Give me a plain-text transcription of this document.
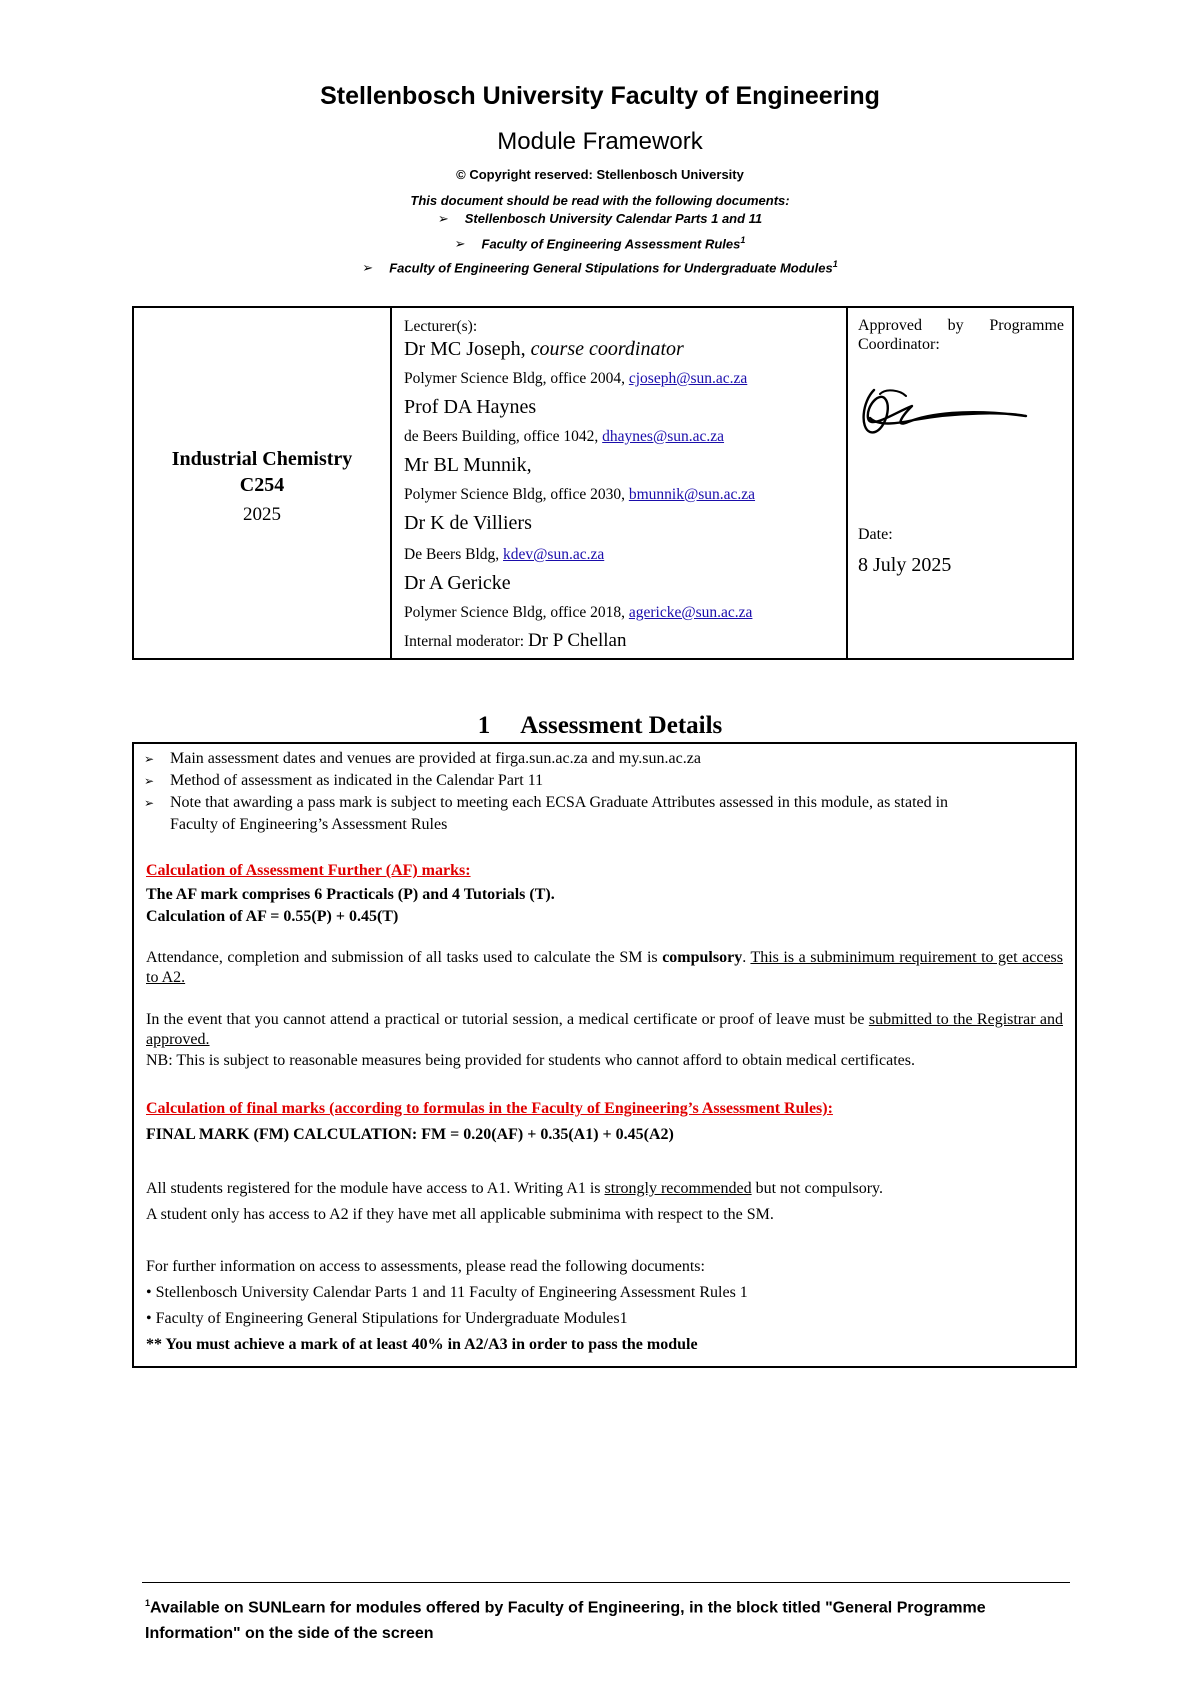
Stellenbosch University Faculty of Engineering
Module Framework
© Copyright reserved: Stellenbosch University
This document should be read with the following documents:
➢ Stellenbosch University Calendar Parts 1 and 11
➢ Faculty of Engineering Assessment Rules$^1$
➢ Faculty of Engineering General Stipulations for Undergraduate Modules$^1$
Industrial Chemistry
C254
2025
Lecturer(s):
Dr MC Joseph, course coordinator
Polymer Science Bldg, office 2004, cjoseph@sun.ac.za
Prof DA Haynes
de Beers Building, office 1042, dhaynes@sun.ac.za
Mr BL Munnik,
Polymer Science Bldg, office 2030, bmunnik@sun.ac.za
Dr K de Villiers
De Beers Bldg, kdev@sun.ac.za
Dr A Gericke
Polymer Science Bldg, office 2018, agericke@sun.ac.za
Internal moderator: Dr P Chellan
Approved by Programme Coordinator:
Date:
8 July 2025
1 Assessment Details
➢ Main assessment dates and venues are provided at firga.sun.ac.za and my.sun.ac.za
➢ Method of assessment as indicated in the Calendar Part 11
➢ Note that awarding a pass mark is subject to meeting each ECSA Graduate Attributes assessed in this module, as stated in
Faculty of Engineering’s Assessment Rules
Calculation of Assessment Further (AF) marks:
The AF mark comprises 6 Practicals (P) and 4 Tutorials (T).
Calculation of AF = 0.55(P) + 0.45(T)
Attendance, completion and submission of all tasks used to calculate the SM is compulsory. This is a subminimum requirement to get access to A2.
In the event that you cannot attend a practical or tutorial session, a medical certificate or proof of leave must be submitted to the Registrar and approved.
NB: This is subject to reasonable measures being provided for students who cannot afford to obtain medical certificates.
Calculation of final marks (according to formulas in the Faculty of Engineering’s Assessment Rules):
FINAL MARK (FM) CALCULATION: FM = 0.20(AF) + 0.35(A1) + 0.45(A2)
All students registered for the module have access to A1. Writing A1 is strongly recommended but not compulsory.
A student only has access to A2 if they have met all applicable subminima with respect to the SM.
For further information on access to assessments, please read the following documents:
• Stellenbosch University Calendar Parts 1 and 11 Faculty of Engineering Assessment Rules 1
• Faculty of Engineering General Stipulations for Undergraduate Modules1
** You must achieve a mark of at least 40% in A2/A3 in order to pass the module
$^1$Available on SUNLearn for modules offered by Faculty of Engineering, in the block titled "General Programme Information" on the side of the screen
